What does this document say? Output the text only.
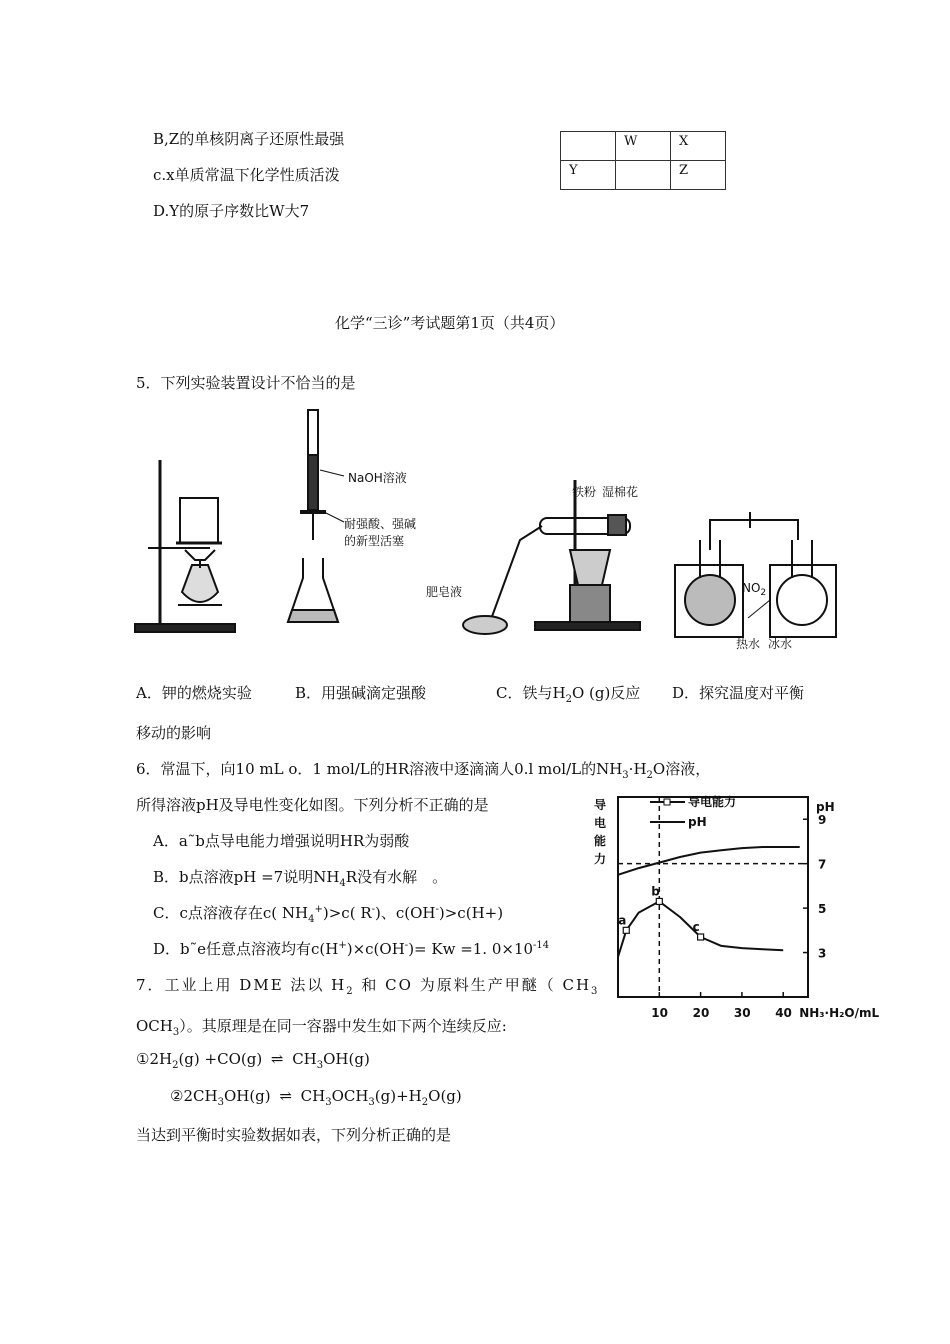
B,Z的单核阴离子还原性最强
c.x单质常温下化学性质活泼
D.Y的原子序数比W大7
	W	X
Y		Z
化学“三诊”考试题第1页（共4页）
5．下列实验装置设计不恰当的是
NaOH溶液
耐强酸、强碱
的新型活塞
铁粉 湿棉花
肥皂液	$NO_2$
热水 冰水
A．钾的燃烧实验	B．用强碱滴定强酸	C．铁与$H_2O$ (g)反应 D．探究温度对平衡
移动的影响
6．常温下，向10 mL o．1 mol/L的HR溶液中逐滴滴人0.l mol/L的$NH_3\cdot H_2O$溶液，
所得溶液pH及导电性变化如图。下列分析不正确的是
A．a˜b点导电能力增强说明HR为弱酸
B．b点溶液pH =7说明$NH_4R$没有水解　。
C．c点溶液存在c( $NH_4^+)>c$( R-)、c(OH-)>c(H+)
D．b˜e任意点溶液均有c(H+)×c(OH-)= Kw =1. $0\times 10^{-14}$
导
电
能
力
pH
导电能力
pH
10 20 30 40 NH₃·H₂O/mL
3
5
7
9
a
b
c
7．工业上用 DME 法以 $H_2$ 和 CO 为原料生产甲醚（ $CH_3$
$OCH_3$）。其原理是在同一容器中发生如下两个连续反应:
$①2H_2(g) +CO(g)$ ⇌ $CH_3OH(g)$
$②2CH_3OH(g)$ ⇌ $CH_3OCH_3(g)+H_2O(g)$
当达到平衡时实验数据如表，下列分析正确的是
